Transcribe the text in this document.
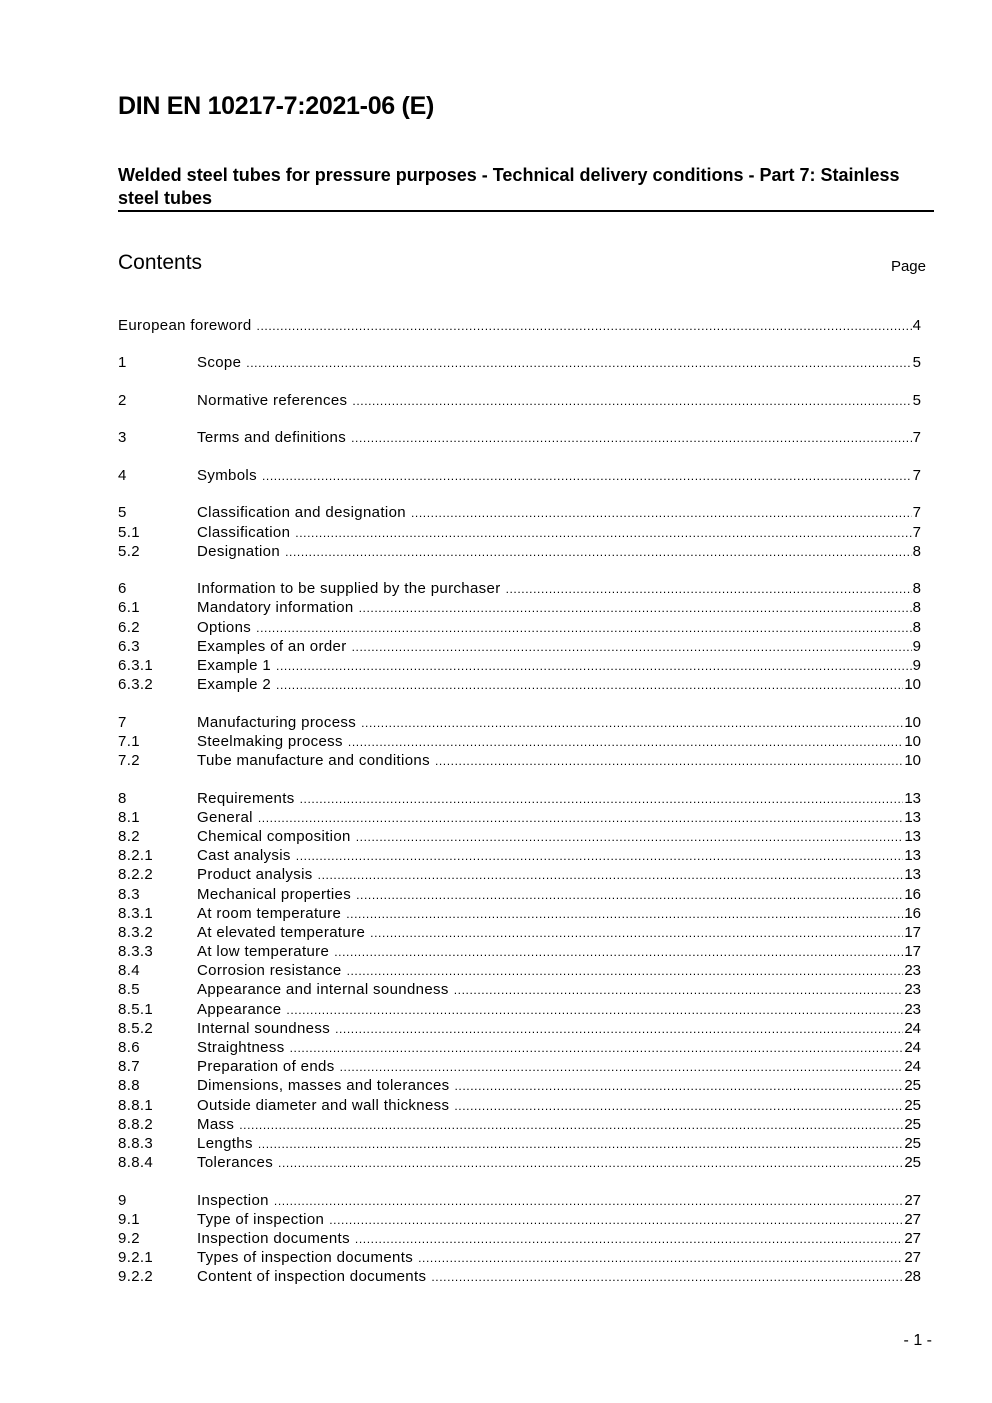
DIN EN 10217-7:2021-06 (E)
Welded steel tubes for pressure purposes - Technical delivery conditions - Part 7: Stainless steel tubes
Contents	Page
European foreword .....	4
1	Scope .....	5
2	Normative references .....	5
3	Terms and definitions .....	7
4	Symbols .....	7
5	Classification and designation .....	7
5.1	Classification .....	7
5.2	Designation .....	8
6	Information to be supplied by the purchaser .....	8
6.1	Mandatory information .....	8
6.2	Options .....	8
6.3	Examples of an order .....	9
6.3.1	Example 1 .....	9
6.3.2	Example 2 .....	10
7	Manufacturing process .....	10
7.1	Steelmaking process .....	10
7.2	Tube manufacture and conditions .....	10
8	Requirements .....	13
8.1	General .....	13
8.2	Chemical composition .....	13
8.2.1	Cast analysis .....	13
8.2.2	Product analysis .....	13
8.3	Mechanical properties .....	16
8.3.1	At room temperature .....	16
8.3.2	At elevated temperature .....	17
8.3.3	At low temperature .....	17
8.4	Corrosion resistance .....	23
8.5	Appearance and internal soundness .....	23
8.5.1	Appearance .....	23
8.5.2	Internal soundness .....	24
8.6	Straightness .....	24
8.7	Preparation of ends .....	24
8.8	Dimensions, masses and tolerances .....	25
8.8.1	Outside diameter and wall thickness .....	25
8.8.2	Mass .....	25
8.8.3	Lengths .....	25
8.8.4	Tolerances .....	25
9	Inspection .....	27
9.1	Type of inspection .....	27
9.2	Inspection documents .....	27
9.2.1	Types of inspection documents .....	27
9.2.2	Content of inspection documents .....	28
- 1 -
